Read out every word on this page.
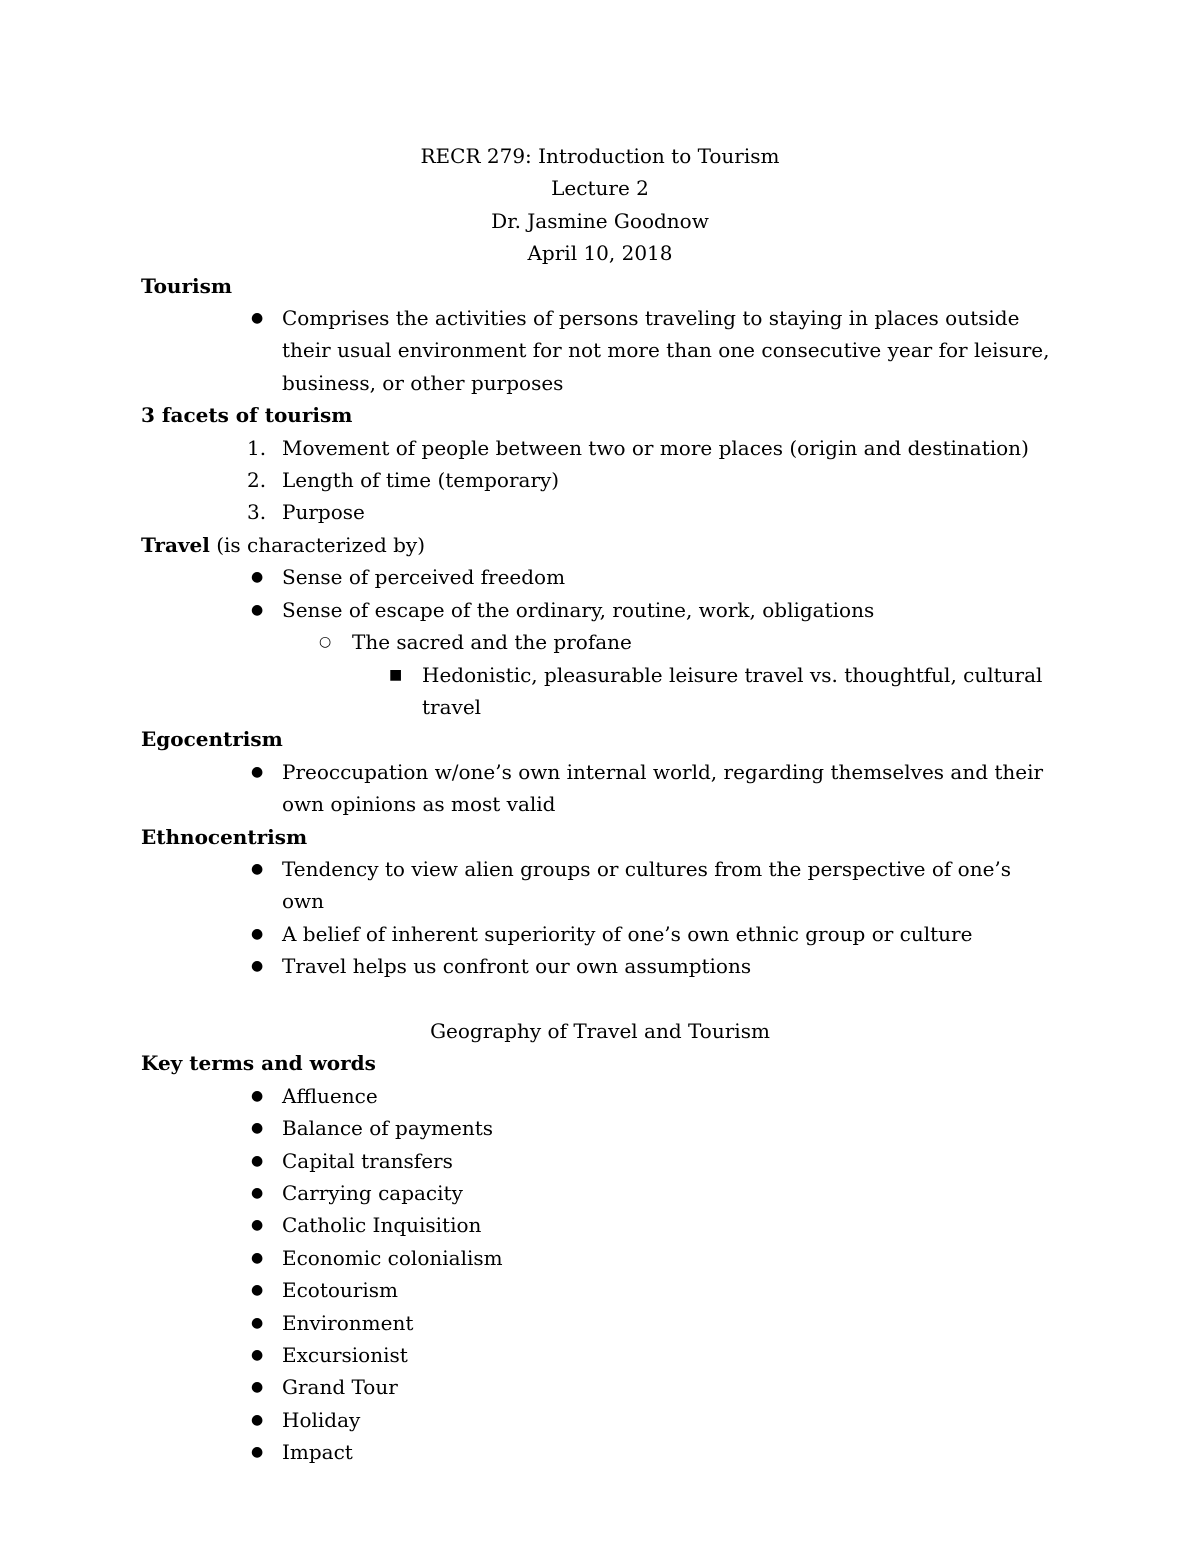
RECR 279: Introduction to Tourism

Lecture 2

Dr. Jasmine Goodnow

April 10, 2018

Tourism

● Comprises the activities of persons traveling to staying in places outside their usual environment for not more than one consecutive year for leisure, business, or other purposes

3 facets of tourism

1. Movement of people between two or more places (origin and destination)
2. Length of time (temporary)
3. Purpose

Travel (is characterized by)

● Sense of perceived freedom
● Sense of escape of the ordinary, routine, work, obligations
○ The sacred and the profane
■ Hedonistic, pleasurable leisure travel vs. thoughtful, cultural travel

Egocentrism

● Preoccupation w/one’s own internal world, regarding themselves and their own opinions as most valid

Ethnocentrism

● Tendency to view alien groups or cultures from the perspective of one’s own
● A belief of inherent superiority of one’s own ethnic group or culture
● Travel helps us confront our own assumptions

Geography of Travel and Tourism

Key terms and words

● Affluence
● Balance of payments
● Capital transfers
● Carrying capacity
● Catholic Inquisition
● Economic colonialism
● Ecotourism
● Environment
● Excursionist
● Grand Tour
● Holiday
● Impact
